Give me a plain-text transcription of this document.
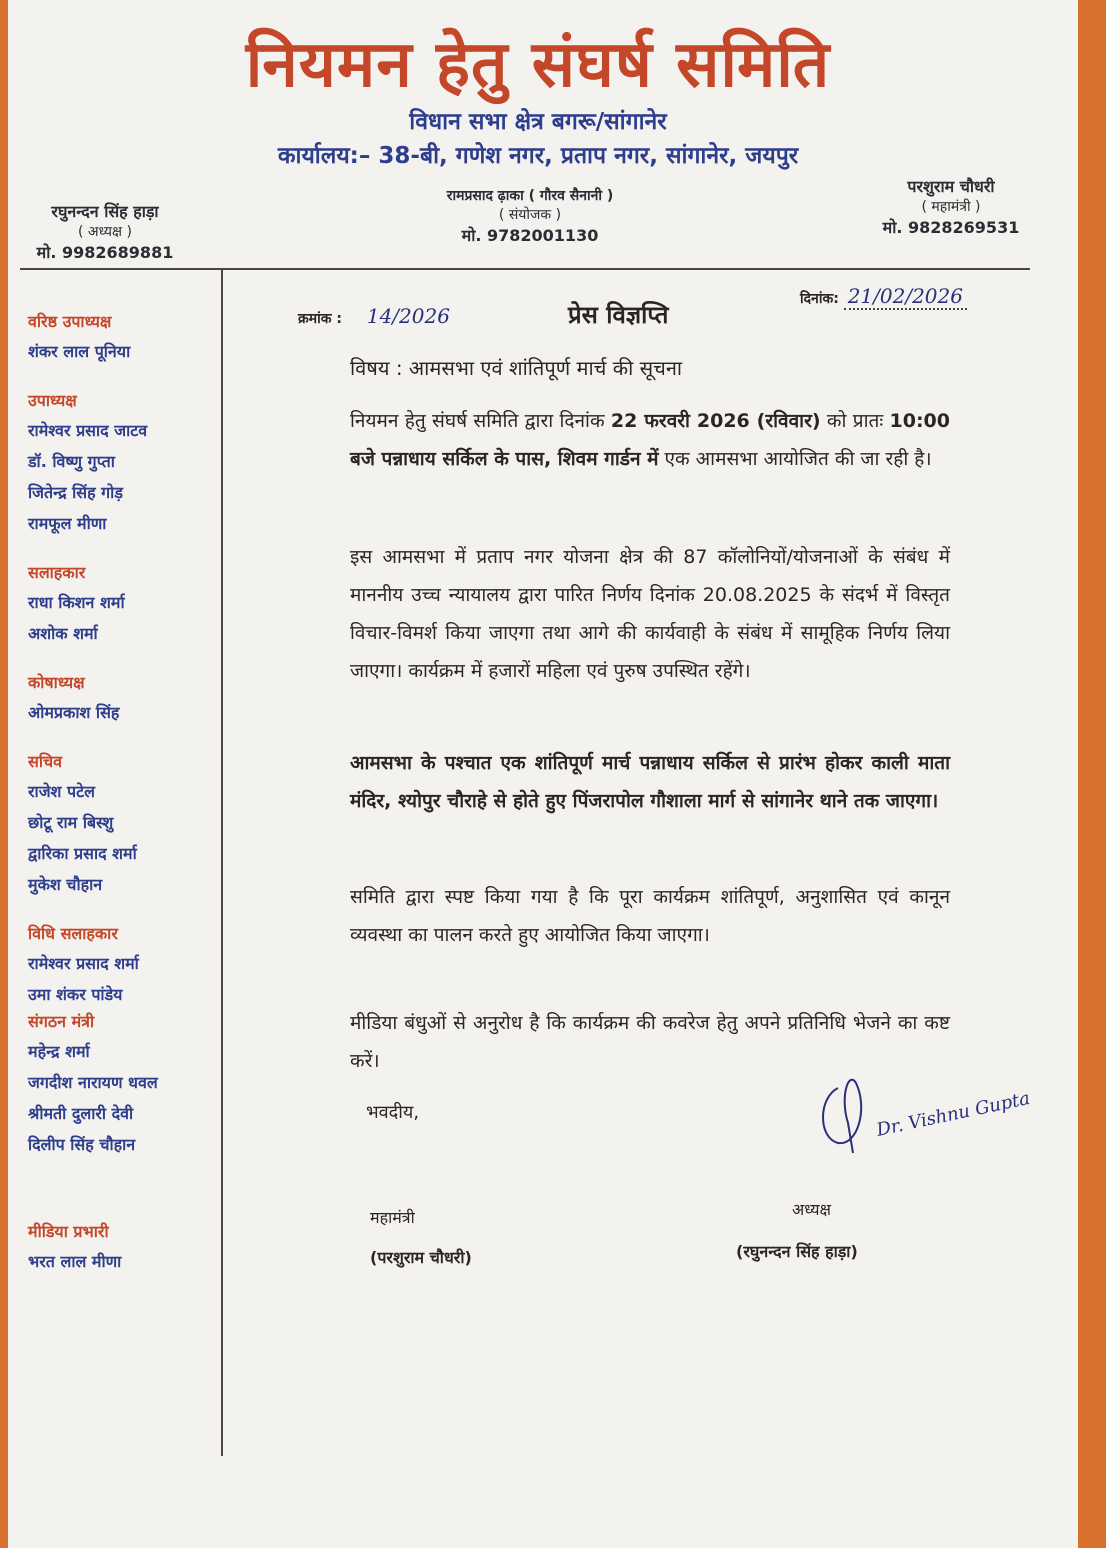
नियमन हेतु संघर्ष समिति
विधान सभा क्षेत्र बगरू/सांगानेर
कार्यालय:– 38-बी, गणेश नगर, प्रताप नगर, सांगानेर, जयपुर
रघुनन्दन सिंह हाड़ा
( अध्यक्ष )
मो. 9982689881
रामप्रसाद ढ़ाका ( गौरव सैनानी )
( संयोजक )
मो. 9782001130
परशुराम चौधरी
( महामंत्री )
मो. 9828269531
वरिष्ठ उपाध्यक्ष
शंकर लाल पूनिया
उपाध्यक्ष
रामेश्वर प्रसाद जाटव
डॉ. विष्णु गुप्ता
जितेन्द्र सिंह गोड़
रामफूल मीणा
सलाहकार
राधा किशन शर्मा
अशोक शर्मा
कोषाध्यक्ष
ओमप्रकाश सिंह
सचिव
राजेश पटेल
छोटू राम बिस्शु
द्वारिका प्रसाद शर्मा
मुकेश चौहान
विधि सलाहकार
रामेश्वर प्रसाद शर्मा
उमा शंकर पांडेय
संगठन मंत्री
महेन्द्र शर्मा
जगदीश नारायण धवल
श्रीमती दुलारी देवी
दिलीप सिंह चौहान
मीडिया प्रभारी
भरत लाल मीणा
क्रमांक : 14/2026	प्रेस विज्ञप्ति
दिनांक: 21/02/2026
विषय : आमसभा एवं शांतिपूर्ण मार्च की सूचना
नियमन हेतु संघर्ष समिति द्वारा दिनांक 22 फरवरी 2026 (रविवार) को प्रातः 10:00 बजे पन्नाधाय सर्किल के पास, शिवम गार्डन में एक आमसभा आयोजित की जा रही है।
इस आमसभा में प्रताप नगर योजना क्षेत्र की 87 कॉलोनियों/योजनाओं के संबंध में माननीय उच्च न्यायालय द्वारा पारित निर्णय दिनांक 20.08.2025 के संदर्भ में विस्तृत विचार-विमर्श किया जाएगा तथा आगे की कार्यवाही के संबंध में सामूहिक निर्णय लिया जाएगा। कार्यक्रम में हजारों महिला एवं पुरुष उपस्थित रहेंगे।
आमसभा के पश्चात एक शांतिपूर्ण मार्च पन्नाधाय सर्किल से प्रारंभ होकर काली माता मंदिर, श्योपुर चौराहे से होते हुए पिंजरापोल गौशाला मार्ग से सांगानेर थाने तक जाएगा।
समिति द्वारा स्पष्ट किया गया है कि पूरा कार्यक्रम शांतिपूर्ण, अनुशासित एवं कानून व्यवस्था का पालन करते हुए आयोजित किया जाएगा।
मीडिया बंधुओं से अनुरोध है कि कार्यक्रम की कवरेज हेतु अपने प्रतिनिधि भेजने का कष्ट करें।
भवदीय,	Dr. Vishnu Gupta
महामंत्री
(परशुराम चौधरी)
अध्यक्ष
(रघुनन्दन सिंह हाड़ा)
